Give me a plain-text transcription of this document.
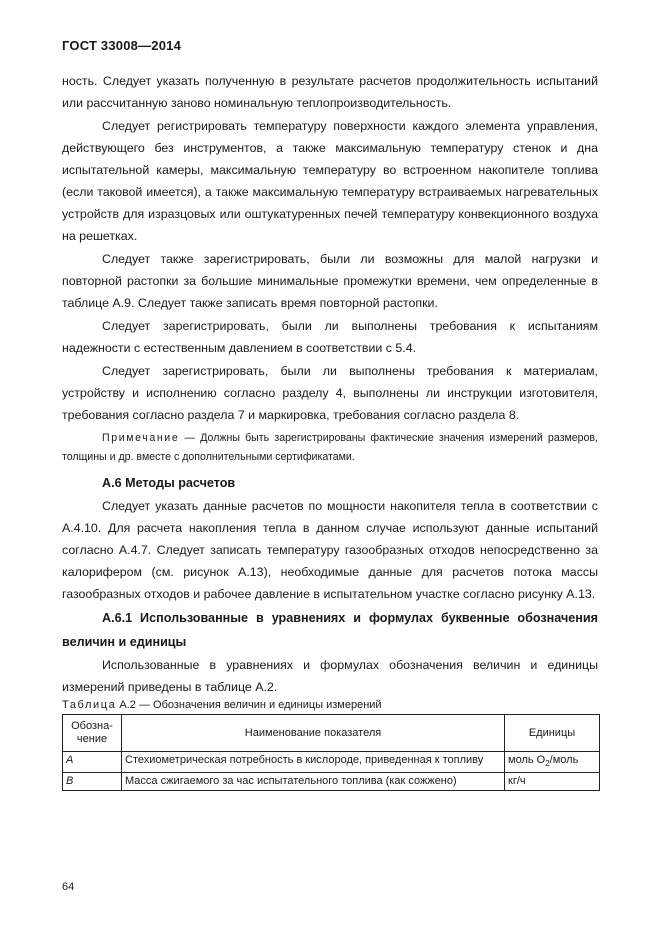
ГОСТ 33008—2014

ность. Следует указать полученную в результате расчетов продолжительность испытаний или рассчитанную заново номинальную теплопроизводительность.

Следует регистрировать температуру поверхности каждого элемента управления, действующего без инструментов, а также максимальную температуру стенок и дна испытательной камеры, максимальную температуру во встроенном накопителе топлива (если таковой имеется), а также максимальную температуру встраиваемых нагревательных устройств для изразцовых или оштукатуренных печей температуру конвекционного воздуха на решетках.

Следует также зарегистрировать, были ли возможны для малой нагрузки и повторной растопки за большие минимальные промежутки времени, чем определенные в таблице А.9. Следует также записать время повторной растопки.

Следует зарегистрировать, были ли выполнены требования к испытаниям надежности с естественным давлением в соответствии с 5.4.

Следует зарегистрировать, были ли выполнены требования к материалам, устройству и исполнению согласно разделу 4, выполнены ли инструкции изготовителя, требования согласно раздела 7 и маркировка, требования согласно раздела 8.

Примечание — Должны быть зарегистрированы фактические значения измерений размеров, толщины и др. вместе с дополнительными сертификатами.

А.6 Методы расчетов

Следует указать данные расчетов по мощности накопителя тепла в соответствии с А.4.10. Для расчета накопления тепла в данном случае используют данные испытаний согласно А.4.7. Следует записать температуру газообразных отходов непосредственно за калорифером (см. рисунок А.13), необходимые данные для расчетов потока массы газообразных отходов и рабочее давление в испытательном участке согласно рисунку А.13.

А.6.1 Использованные в уравнениях и формулах буквенные обозначения величин и единицы

Использованные в уравнениях и формулах обозначения величин и единицы измерений приведены в таблице А.2.

Таблица А.2 — Обозначения величин и единицы измерений

Обозна-чение	Наименование показателя	Единицы
A	Стехиометрическая потребность в кислороде, приведенная к топливу	моль $O_2$/моль
B	Масса сжигаемого за час испытательного топлива (как сожжено)	кг/ч
64
